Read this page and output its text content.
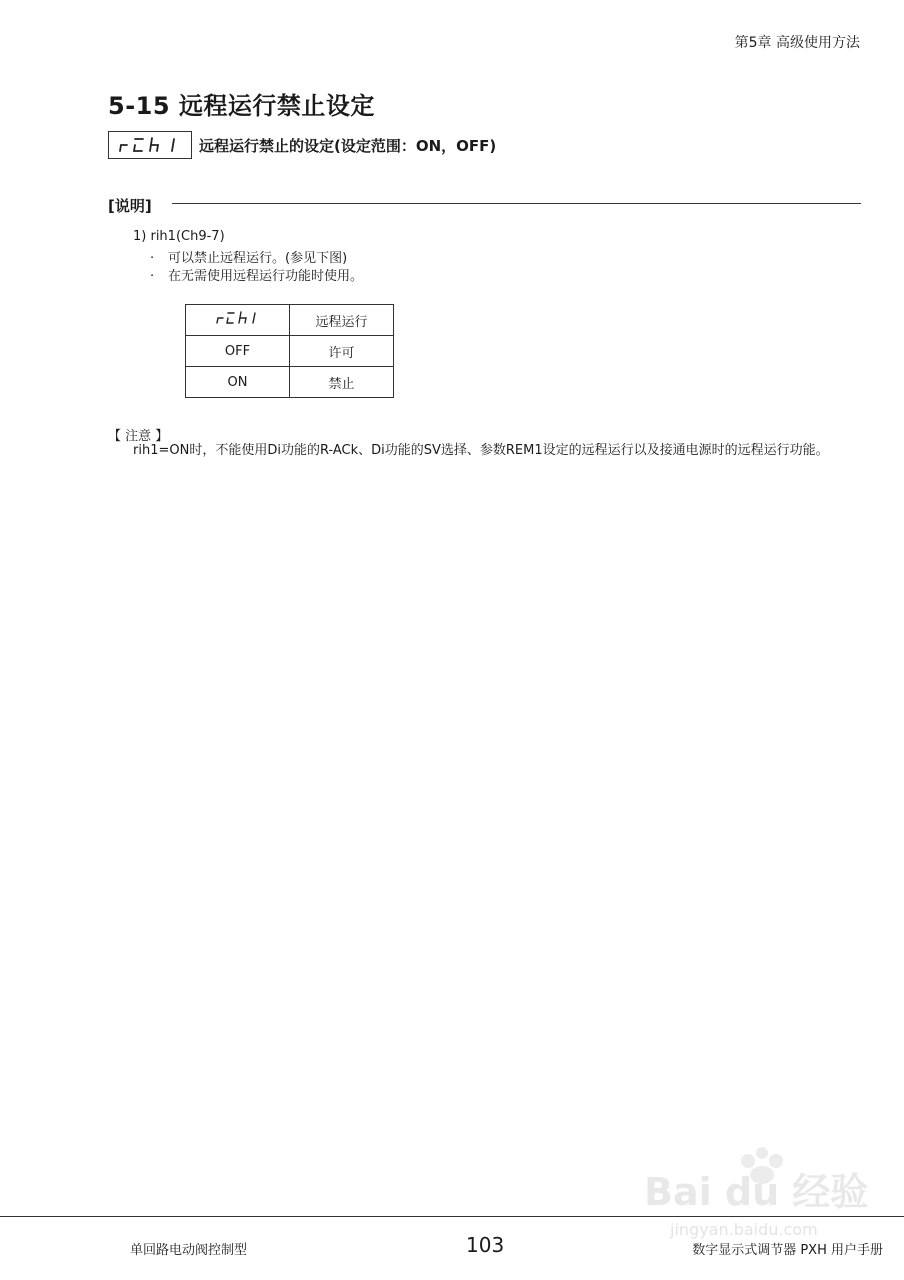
第5章 高级使用方法
5-15 远程运行禁止设定
远程运行禁止的设定(设定范围：ON，OFF)
[说明]
1) rih1(Ch9-7)
· 可以禁止远程运行。(参见下图)
· 在无需使用远程运行功能时使用。
	远程运行
OFF	许可
ON	禁止
【 注意 】
rih1=ON时，不能使用Di功能的R-ACk、Di功能的SV选择、参数REM1设定的远程运行以及接通电源时的远程运行功能。
Bai du 经验
jingyan.baidu.com
单回路电动阀控制型	103	数字显示式调节器 PXH 用户手册
